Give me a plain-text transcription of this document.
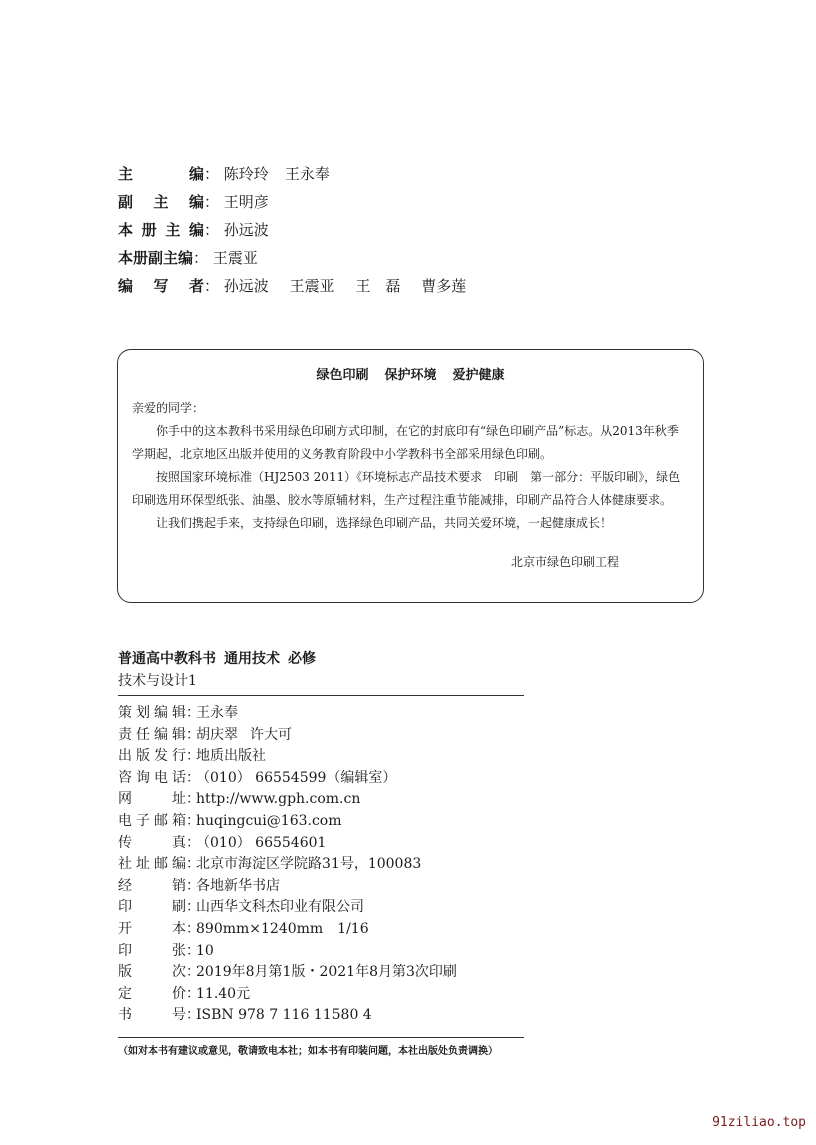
主　　编： 陈玲玲 王永奉
副 主 编： 王明彦
本册主编： 孙远波
本册副主编： 王震亚
编 写 者： 孙远波 王震亚 王　磊 曹多莲
绿色印刷 保护环境 爱护健康

亲爱的同学：

你手中的这本教科书采用绿色印刷方式印制，在它的封底印有“绿色印刷产品”标志。从2013年秋季学期起，北京地区出版并使用的义务教育阶段中小学教科书全部采用绿色印刷。

按照国家环境标准（HJ2503 2011）《环境标志产品技术要求　印刷　第一部分：平版印刷》，绿色印刷选用环保型纸张、油墨、胶水等原辅材料，生产过程注重节能减排，印刷产品符合人体健康要求。

让我们携起手来，支持绿色印刷，选择绿色印刷产品，共同关爱环境，一起健康成长！

北京市绿色印刷工程

普通高中教科书 通用技术 必修
技术与设计1
策划编辑：王永奉
责任编辑：胡庆翠 许大可
出版发行：地质出版社
咨询电话：（010） 66554599（编辑室）
网　址：http://www.gph.com.cn
电子邮箱：huqingcui@163.com
传　真：（010） 66554601
社址邮编：北京市海淀区学院路31号，100083
经　销：各地新华书店
印　刷：山西华文科杰印业有限公司
开　本：890mm×1240mm　1/16
印　张：10
版　次：2019年8月第1版・2021年8月第3次印刷
定　价：11.40元
书　号：ISBN 978 7 116 11580 4
（如对本书有建议或意见，敬请致电本社；如本书有印装问题，本社出版处负责调换）
91ziliao.top
